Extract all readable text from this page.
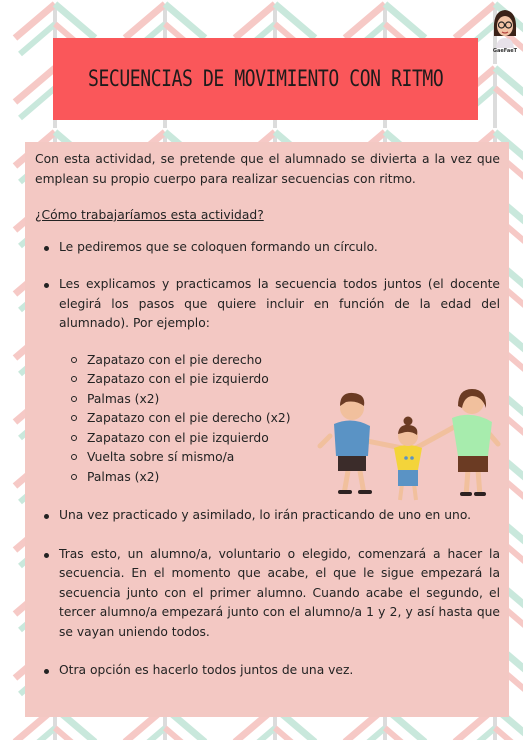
GaeFaeT
SECUENCIAS DE MOVIMIENTO CON RITMO

Con esta actividad, se pretende que el alumnado se divierta a la vez que emplean su propio cuerpo para realizar secuencias con ritmo.

¿Cómo trabajaríamos esta actividad?

Le pediremos que se coloquen formando un círculo.
Les explicamos y practicamos la secuencia todos juntos (el docente elegirá los pasos que quiere incluir en función de la edad del alumnado). Por ejemplo:
Zapatazo con el pie derecho
Zapatazo con el pie izquierdo
Palmas (x2)
Zapatazo con el pie derecho (x2)
Zapatazo con el pie izquierdo
Vuelta sobre sí mismo/a
Palmas (x2)
Una vez practicado y asimilado, lo irán practicando de uno en uno.
Tras esto, un alumno/a, voluntario o elegido, comenzará a hacer la secuencia. En el momento que acabe, el que le sigue empezará la secuencia junto con el primer alumno. Cuando acabe el segundo, el tercer alumno/a empezará junto con el alumno/a 1 y 2, y así hasta que se vayan uniendo todos.
Otra opción es hacerlo todos juntos de una vez.
